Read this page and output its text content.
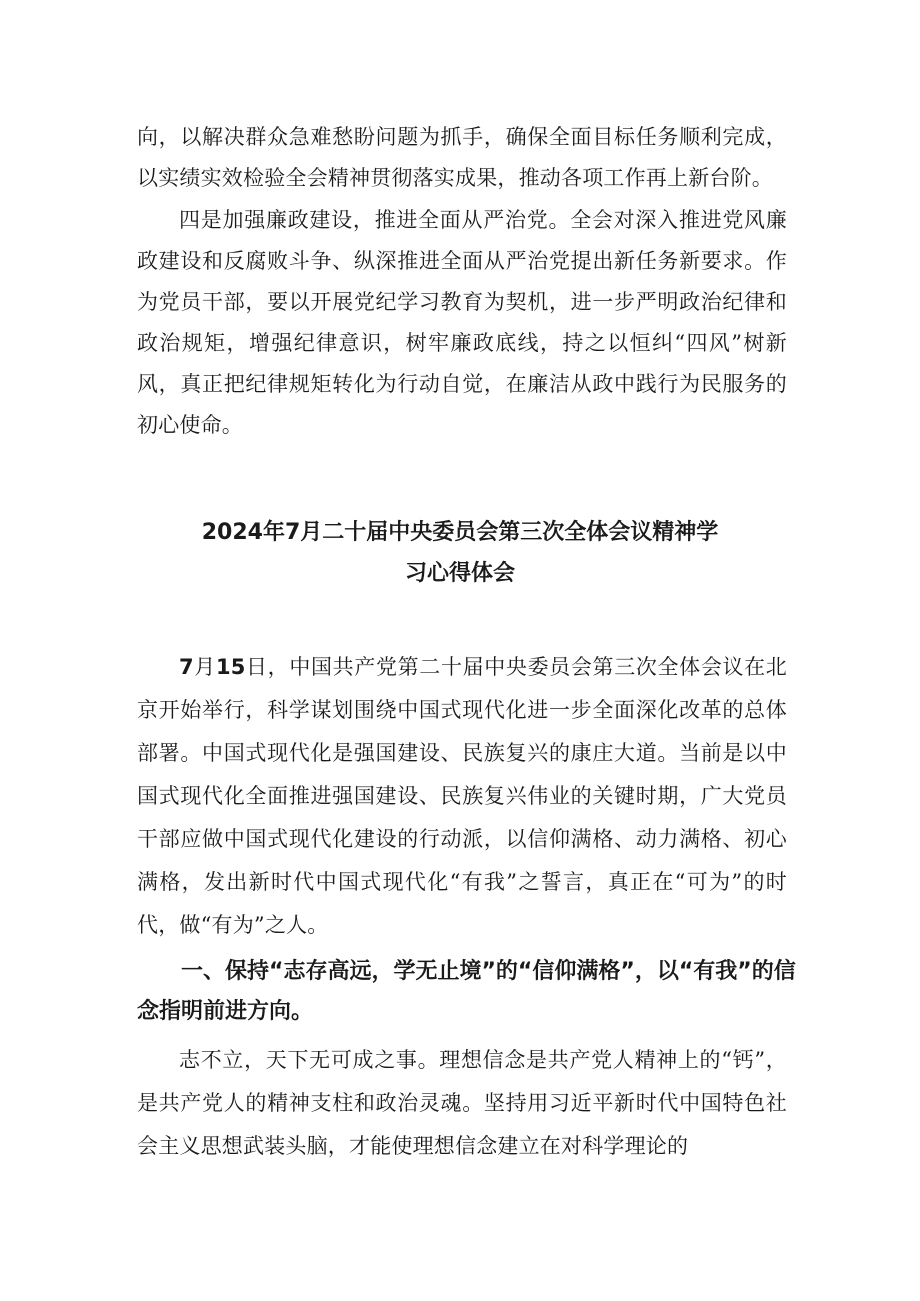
向，以解决群众急难愁盼问题为抓手，确保全面目标任务顺利完成，以实绩实效检验全会精神贯彻落实成果，推动各项工作再上新台阶。

四是加强廉政建设，推进全面从严治党。全会对深入推进党风廉政建设和反腐败斗争、纵深推进全面从严治党提出新任务新要求。作为党员干部，要以开展党纪学习教育为契机，进一步严明政治纪律和政治规矩，增强纪律意识，树牢廉政底线，持之以恒纠“四风”树新风，真正把纪律规矩转化为行动自觉，在廉洁从政中践行为民服务的初心使命。

2024年7月二十届中央委员会第三次全体会议精神学
习心得体会

7月15日，中国共产党第二十届中央委员会第三次全体会议在北京开始举行，科学谋划围绕中国式现代化进一步全面深化改革的总体部署。中国式现代化是强国建设、民族复兴的康庄大道。当前是以中国式现代化全面推进强国建设、民族复兴伟业的关键时期，广大党员干部应做中国式现代化建设的行动派，以信仰满格、动力满格、初心满格，发出新时代中国式现代化“有我”之誓言，真正在“可为”的时代，做“有为”之人。

一、保持“志存高远，学无止境”的“信仰满格”，以“有我”的信念指明前进方向。

志不立，天下无可成之事。理想信念是共产党人精神上的“钙”，是共产党人的精神支柱和政治灵魂。坚持用习近平新时代中国特色社会主义思想武装头脑，才能使理想信念建立在对科学理论的
